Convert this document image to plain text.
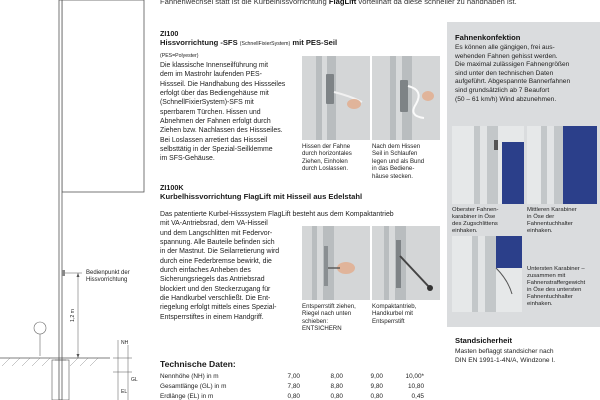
Fahnenwechsel statt ist die Kurbelhissvorrichtung FlagLift vorteilhaft da diese schneller zu handhaben ist.
Bedienpunkt der
Hissvorrichtung
1,2 m
NH
GL
EL
ZI100
Hissvorrichtung -SFS (SchnellFixierSystem) mit PES-Seil (PES=Polyester)
Die klassische Innenseilführung mit
dem im Mastrohr laufenden PES-
Hissseil. Die Handhabung des Hissseiles
erfolgt über das Bediengehäuse mit
(SchnellFixierSystem)-SFS mit
sperrbarem Türchen. Hissen und
Abnehmen der Fahnen erfolgt durch
Ziehen bzw. Nachlassen des Hissseiles.
Bei Loslassen arretiert das Hissseil
selbsttätig in der Spezial-Seilklemme
im SFS-Gehäuse.
Hissen der Fahne
durch horizontales
Ziehen, Einholen
durch Loslassen.
Nach dem Hissen
Seil in Schlaufen
legen und als Bund
in das Bediene-
häuse stecken.
ZI100K
Kurbelhissvorrichtung FlagLift mit Hisseil aus Edelstahl
Das patentierte Kurbel-Hisssystem FlagLift besteht aus dem Kompaktantrieb
mit VA-Antriebsrad, dem VA-Hisseil
und dem Langschlitten mit Federvor-
spannung. Alle Bauteile befinden sich
in der Mastnut. Die Seilarretierung wird
durch eine Federbremse bewirkt, die
durch einfaches Anheben des
Sicherungsriegels das Antriebsrad
blockiert und den Steckerzugang für
die Handkurbel verschließt. Die Ent-
riegelung erfolgt mittels eines Spezial-
Entsperrstiftes in einem Handgriff.
Entsperrstift ziehen,
Riegel nach unten
schieben:
ENTSICHERN
Kompaktantrieb,
Handkurbel mit
Entsperrstift
Technische Daten:
Nennhöhe (NH) in m	7,00	8,00	9,00	10,00*
Gesamtlänge (GL) in m	7,80	8,80	9,80	10,80
Erdlänge (EL) in m	0,80	0,80	0,80	0,45
Fahnenkonfektion
Es können alle gängigen, frei aus-
wehenden Fahnen gehisst werden.
Die maximal zulässigen Fahnengrößen
sind unter den technischen Daten
aufgeführt. Abgespannte Bannerfahnen
sind grundsätzlich ab 7 Beaufort
(50 – 61 km/h) Wind abzunehmen.
Oberster Fahnen-
karabiner in Öse
des Zugschlittens
einhaken.
Mittleren Karabiner
in Öse der
Fahnentuchhalter
einhaken.
Untersten Karabiner –
zusammen mit
Fahnenstraffergewicht
in Öse des untersten
Fahnentuchhalter
einhaken.
Standsicherheit
Masten beflaggt standsicher nach
DIN EN 1991-1-4N/A, Windzone I.
